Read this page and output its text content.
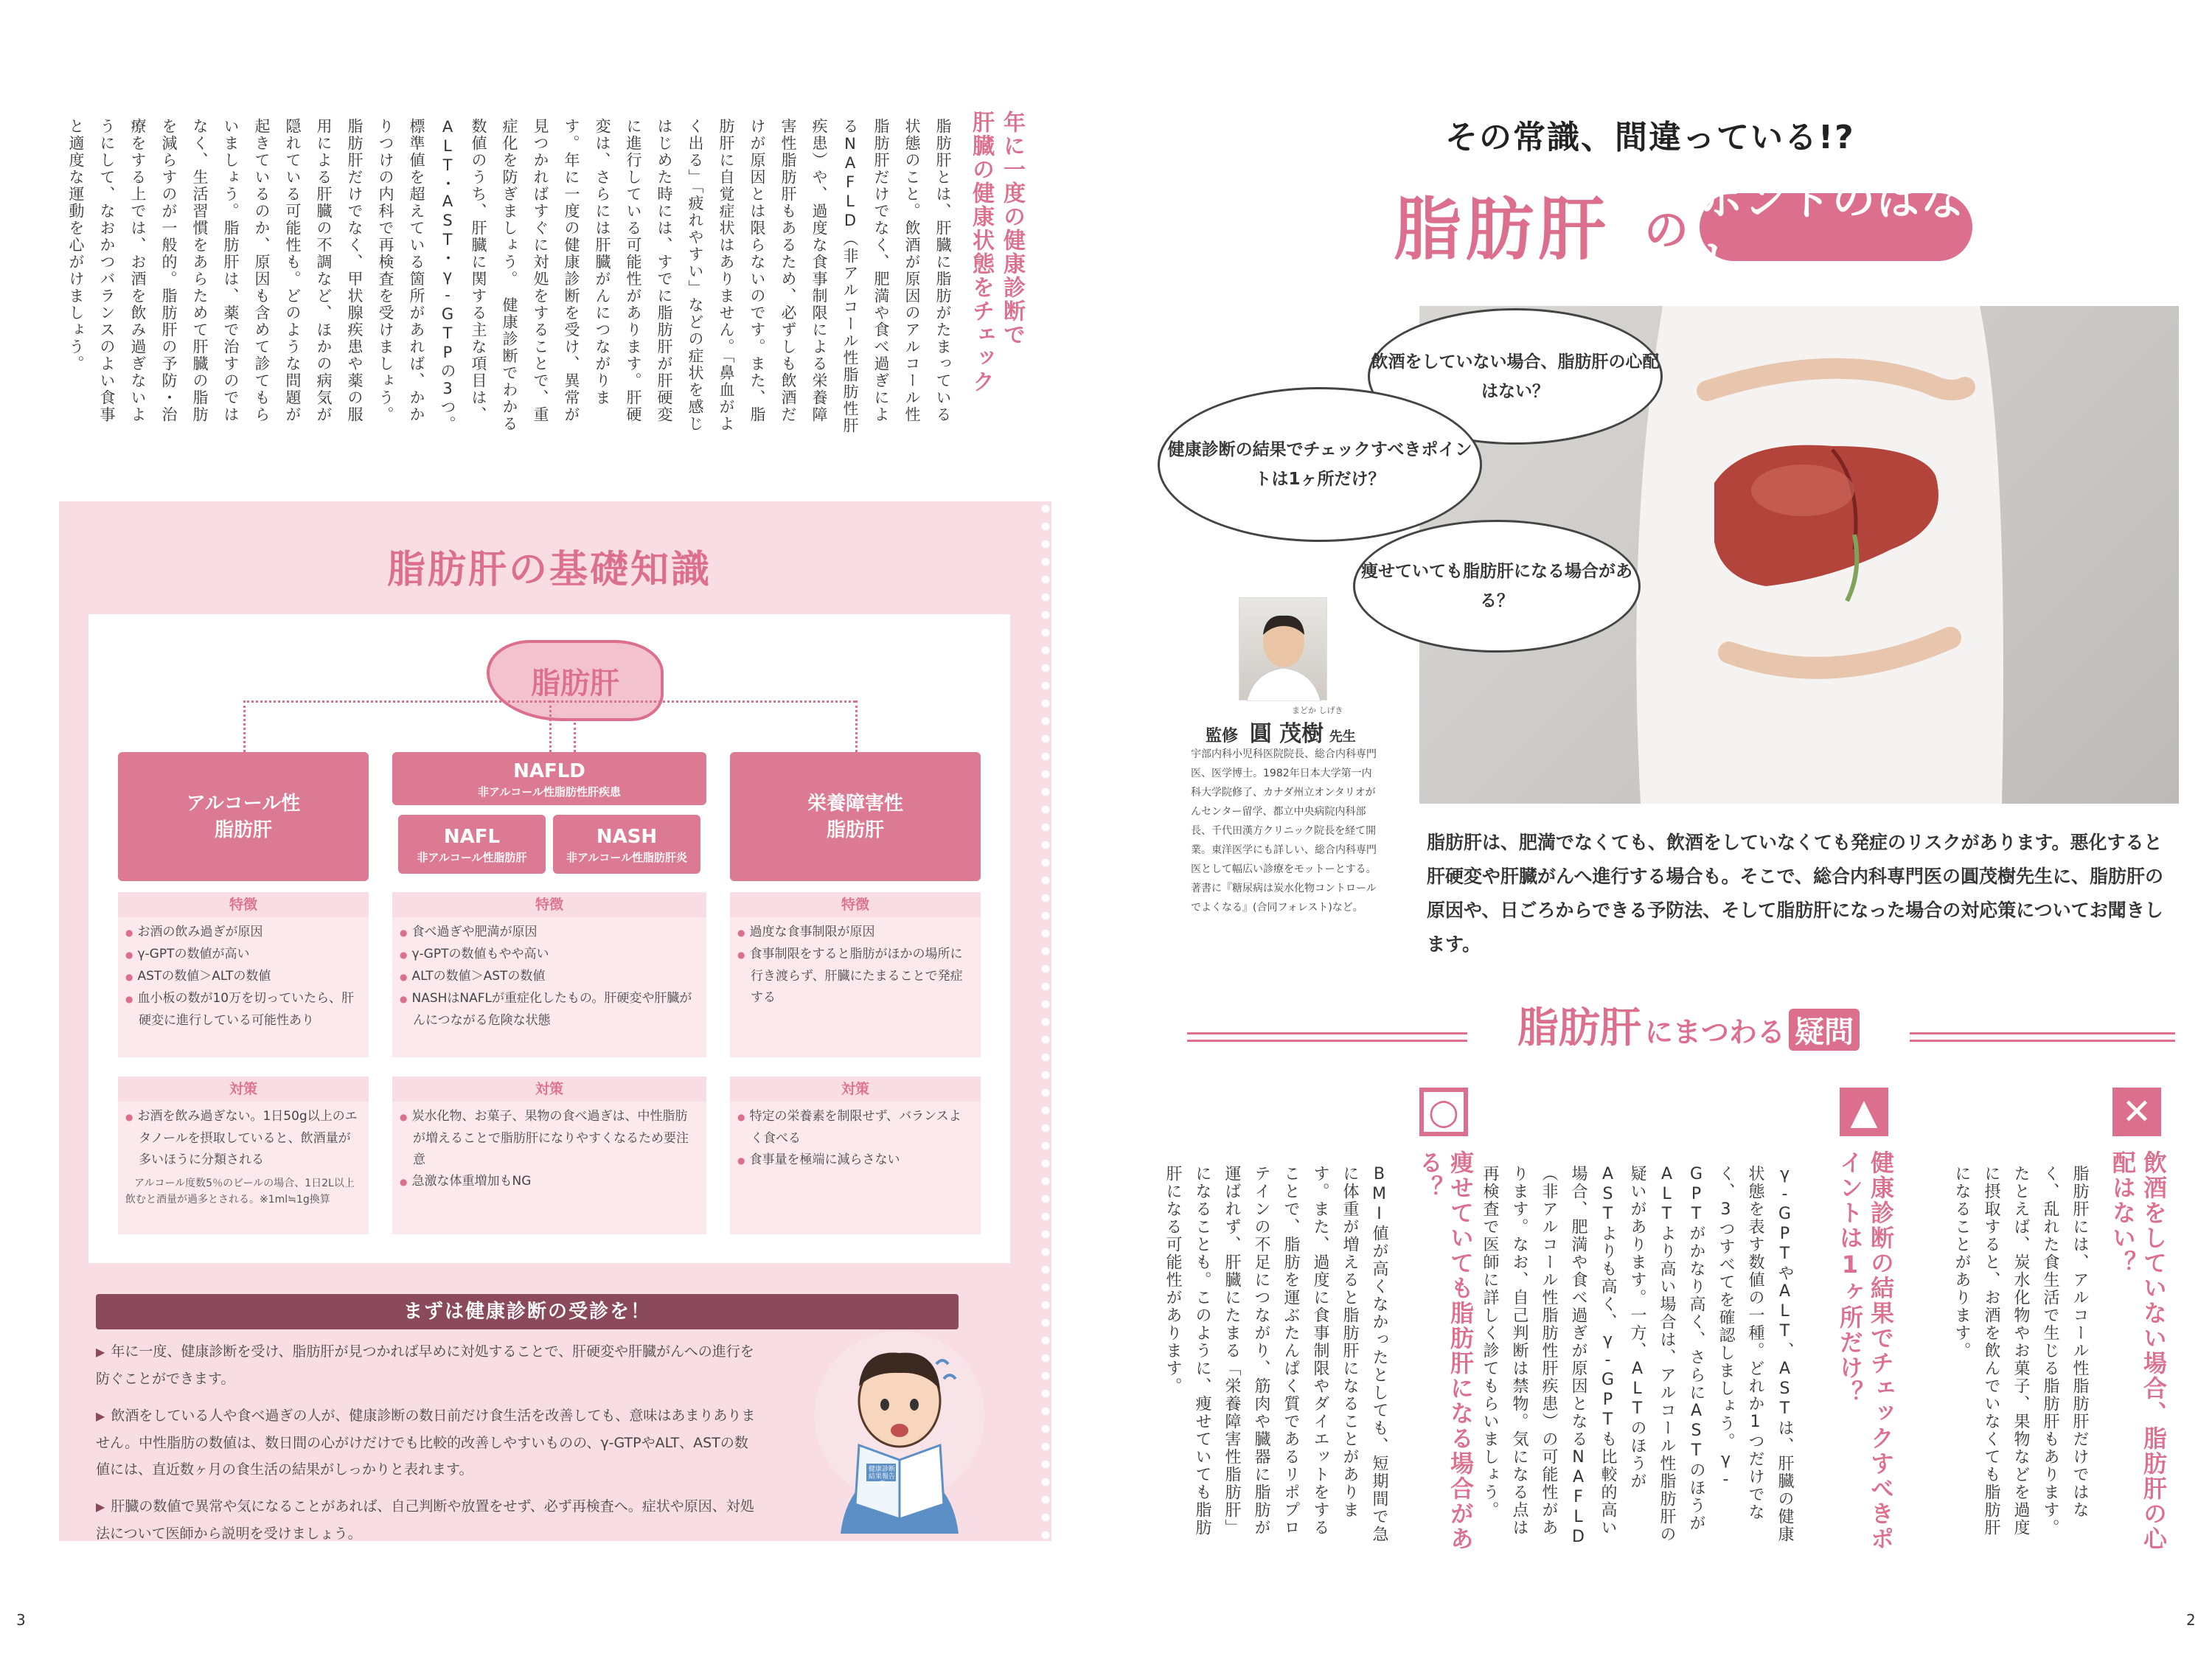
年に一度の健康診断で
肝臓の健康状態をチェック
脂肪肝とは、肝臓に脂肪がたまっている状態のこと。飲酒が原因のアルコール性脂肪肝だけでなく、肥満や食べ過ぎによるNAFLD（非アルコール性脂肪性肝疾患）や、過度な食事制限による栄養障害性脂肪肝もあるため、必ずしも飲酒だけが原因とは限らないのです。また、脂肪肝に自覚症状はありません。「鼻血がよく出る」「疲れやすい」などの症状を感じはじめた時には、すでに脂肪肝が肝硬変に進行している可能性があります。肝硬変は、さらには肝臓がんにつながります。年に一度の健康診断を受け、異常が見つかればすぐに対処をすることで、重症化を防ぎましょう。　健康診断でわかる数値のうち、肝臓に関する主な項目は、ALT・AST・γ-GTPの3つ。標準値を超えている箇所があれば、かかりつけの内科で再検査を受けましょう。脂肪肝だけでなく、甲状腺疾患や薬の服用による肝臓の不調など、ほかの病気が隠れている可能性も。どのような問題が起きているのか、原因も含めて診てもらいましょう。脂肪肝は、薬で治すのではなく、生活習慣をあらためて肝臓の脂肪を減らすのが一般的。脂肪肝の予防・治療をする上では、お酒を飲み過ぎないようにして、なおかつバランスのよい食事と適度な運動を心がけましょう。
脂肪肝の基礎知識
脂肪肝
アルコール性
脂肪肝
NAFLD
非アルコール性脂肪性肝疾患
NAFL
非アルコール性脂肪肝
NASH
非アルコール性脂肪肝炎
栄養障害性
脂肪肝
特徴
● お酒の飲み過ぎが原因
● γ-GPTの数値が高い
● ASTの数値＞ALTの数値
● 血小板の数が10万を切っていたら、肝硬変に進行している可能性あり
特徴
● 食べ過ぎや肥満が原因
● γ-GPTの数値もやや高い
● ALTの数値＞ASTの数値
● NASHはNAFLが重症化したもの。肝硬変や肝臓がんにつながる危険な状態
特徴
● 過度な食事制限が原因
● 食事制限をすると脂肪がほかの場所に行き渡らず、肝臓にたまることで発症する
対策
● お酒を飲み過ぎない。1日50g以上のエタノールを摂取していると、飲酒量が多いほうに分類される
アルコール度数5％のビールの場合、1日2L以上飲むと酒量が過多とされる。※1ml≒1g換算
対策
● 炭水化物、お菓子、果物の食べ過ぎは、中性脂肪が増えることで脂肪肝になりやすくなるため要注意
● 急激な体重増加もNG
対策
● 特定の栄養素を制限せず、バランスよく食べる
● 食事量を極端に減らさない
まずは健康診断の受診を！
▶ 年に一度、健康診断を受け、脂肪肝が見つかれば早めに対処することで、肝硬変や肝臓がんへの進行を防ぐことができます。
▶ 飲酒をしている人や食べ過ぎの人が、健康診断の数日前だけ食生活を改善しても、意味はあまりありません。中性脂肪の数値は、数日間の心がけだけでも比較的改善しやすいものの、γ-GTPやALT、ASTの数値には、直近数ヶ月の食生活の結果がしっかりと表れます。
▶ 肝臓の数値で異常や気になることがあれば、自己判断や放置をせず、必ず再検査へ。症状や原因、対処法について医師から説明を受けましょう。
健康診断結果報告書
3
その常識、間違っている!?
脂肪肝 の
ホントのはなし
飲酒をしていない場合、脂肪肝の心配はない？
健康診断の結果でチェックすべきポイントは1ヶ所だけ？
痩せていても脂肪肝になる場合がある？
監修 圓 茂樹 先生
まどか しげき
宇部内科小児科医院院長、総合内科専門医、医学博士。1982年日本大学第一内科大学院修了、カナダ州立オンタリオがんセンター留学、都立中央病院内科部長、千代田漢方クリニック院長を経て開業。東洋医学にも詳しい、総合内科専門医として幅広い診療をモットーとする。著書に『糖尿病は炭水化物コントロールでよくなる』(合同フォレスト)など。
脂肪肝は、肥満でなくても、飲酒をしていなくても発症のリスクがあります。悪化すると肝硬変や肝臓がんへ進行する場合も。そこで、総合内科専門医の圓茂樹先生に、脂肪肝の原因や、日ごろからできる予防法、そして脂肪肝になった場合の対応策についてお聞きします。
脂肪肝 にまつわる 疑問
✕
飲酒をしていない場合、脂肪肝の心配はない？
脂肪肝には、アルコール性脂肪肝だけではなく、乱れた食生活で生じる脂肪肝もあります。たとえば、炭水化物やお菓子、果物などを過度に摂取すると、お酒を飲んでいなくても脂肪肝になることがあります。
▲
健康診断の結果でチェックすべきポイントは1ヶ所だけ？
γ-GPTやALT、ASTは、肝臓の健康状態を表す数値の一種。どれか1つだけでなく、3つすべてを確認しましょう。γ-GPTがかなり高く、さらにASTのほうがALTより高い場合は、アルコール性脂肪肝の疑いがあります。一方、ALTのほうがASTよりも高く、γ-GPTも比較的高い場合、肥満や食べ過ぎが原因となるNAFLD（非アルコール性脂肪性肝疾患）の可能性があります。なお、自己判断は禁物。気になる点は再検査で医師に詳しく診てもらいましょう。
○
痩せていても脂肪肝になる場合がある？
BMI値が高くなかったとしても、短期間で急に体重が増えると脂肪肝になることがあります。また、過度に食事制限やダイエットをすることで、脂肪を運ぶたんぱく質であるリポプロテインの不足につながり、筋肉や臓器に脂肪が運ばれず、肝臓にたまる「栄養障害性脂肪肝」になることも。このように、痩せていても脂肪肝になる可能性があります。
2
